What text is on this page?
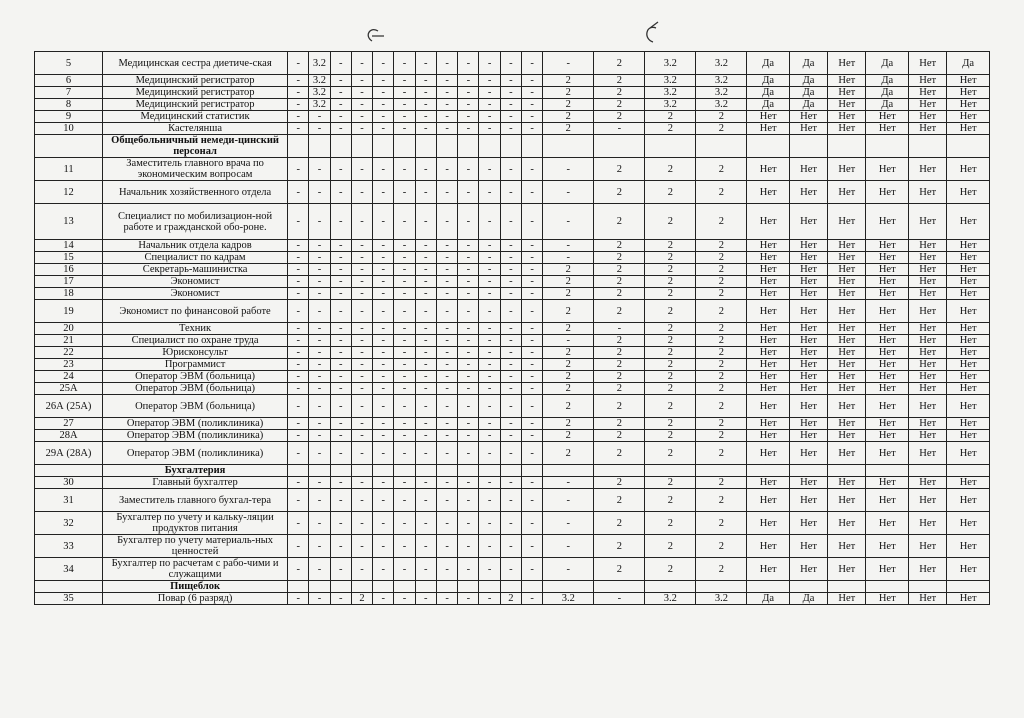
5	Медицинская сестра диетиче-ская	-	3.2	-	-	-	-	-	-	-	-	-	-	-	2	3.2	3.2	Да	Да	Нет	Да	Нет	Да
6	Медицинский регистратор	-	3.2	-	-	-	-	-	-	-	-	-	-	2	2	3.2	3.2	Да	Да	Нет	Да	Нет	Нет
7	Медицинский регистратор	-	3.2	-	-	-	-	-	-	-	-	-	-	2	2	3.2	3.2	Да	Да	Нет	Да	Нет	Нет
8	Медицинский регистратор	-	3.2	-	-	-	-	-	-	-	-	-	-	2	2	3.2	3.2	Да	Да	Нет	Да	Нет	Нет
9	Медицинский статистик	-	-	-	-	-	-	-	-	-	-	-	-	2	2	2	2	Нет	Нет	Нет	Нет	Нет	Нет
10	Кастелянша	-	-	-	-	-	-	-	-	-	-	-	-	2	-	2	2	Нет	Нет	Нет	Нет	Нет	Нет
	Общебольничный немеди-цинский персонал																						
11	Заместитель главного врача по экономическим вопросам	-	-	-	-	-	-	-	-	-	-	-	-	-	2	2	2	Нет	Нет	Нет	Нет	Нет	Нет
12	Начальник хозяйственного отдела	-	-	-	-	-	-	-	-	-	-	-	-	-	2	2	2	Нет	Нет	Нет	Нет	Нет	Нет
13	Специалист по мобилизацион-ной работе и гражданской обо-роне.	-	-	-	-	-	-	-	-	-	-	-	-	-	2	2	2	Нет	Нет	Нет	Нет	Нет	Нет
14	Начальник отдела кадров	-	-	-	-	-	-	-	-	-	-	-	-	-	2	2	2	Нет	Нет	Нет	Нет	Нет	Нет
15	Специалист по кадрам	-	-	-	-	-	-	-	-	-	-	-	-	-	2	2	2	Нет	Нет	Нет	Нет	Нет	Нет
16	Секретарь-машинистка	-	-	-	-	-	-	-	-	-	-	-	-	2	2	2	2	Нет	Нет	Нет	Нет	Нет	Нет
17	Экономист	-	-	-	-	-	-	-	-	-	-	-	-	2	2	2	2	Нет	Нет	Нет	Нет	Нет	Нет
18	Экономист	-	-	-	-	-	-	-	-	-	-	-	-	2	2	2	2	Нет	Нет	Нет	Нет	Нет	Нет
19	Экономист по финансовой работе	-	-	-	-	-	-	-	-	-	-	-	-	2	2	2	2	Нет	Нет	Нет	Нет	Нет	Нет
20	Техник	-	-	-	-	-	-	-	-	-	-	-	-	2	-	2	2	Нет	Нет	Нет	Нет	Нет	Нет
21	Специалист по охране труда	-	-	-	-	-	-	-	-	-	-	-	-	-	2	2	2	Нет	Нет	Нет	Нет	Нет	Нет
22	Юрисконсульт	-	-	-	-	-	-	-	-	-	-	-	-	2	2	2	2	Нет	Нет	Нет	Нет	Нет	Нет
23	Программист	-	-	-	-	-	-	-	-	-	-	-	-	2	2	2	2	Нет	Нет	Нет	Нет	Нет	Нет
24	Оператор ЭВМ (больница)	-	-	-	-	-	-	-	-	-	-	-	-	2	2	2	2	Нет	Нет	Нет	Нет	Нет	Нет
25А	Оператор ЭВМ (больница)	-	-	-	-	-	-	-	-	-	-	-	-	2	2	2	2	Нет	Нет	Нет	Нет	Нет	Нет
26А (25А)	Оператор ЭВМ (больница)	-	-	-	-	-	-	-	-	-	-	-	-	2	2	2	2	Нет	Нет	Нет	Нет	Нет	Нет
27	Оператор ЭВМ (поликлиника)	-	-	-	-	-	-	-	-	-	-	-	-	2	2	2	2	Нет	Нет	Нет	Нет	Нет	Нет
28А	Оператор ЭВМ (поликлиника)	-	-	-	-	-	-	-	-	-	-	-	-	2	2	2	2	Нет	Нет	Нет	Нет	Нет	Нет
29А (28А)	Оператор ЭВМ (поликлиника)	-	-	-	-	-	-	-	-	-	-	-	-	2	2	2	2	Нет	Нет	Нет	Нет	Нет	Нет
	Бухгалтерия																						
30	Главный бухгалтер	-	-	-	-	-	-	-	-	-	-	-	-	-	2	2	2	Нет	Нет	Нет	Нет	Нет	Нет
31	Заместитель главного бухгал-тера	-	-	-	-	-	-	-	-	-	-	-	-	-	2	2	2	Нет	Нет	Нет	Нет	Нет	Нет
32	Бухгалтер по учету и кальку-ляции продуктов питания	-	-	-	-	-	-	-	-	-	-	-	-	-	2	2	2	Нет	Нет	Нет	Нет	Нет	Нет
33	Бухгалтер по учету материаль-ных ценностей	-	-	-	-	-	-	-	-	-	-	-	-	-	2	2	2	Нет	Нет	Нет	Нет	Нет	Нет
34	Бухгалтер по расчетам с рабо-чими и служащими	-	-	-	-	-	-	-	-	-	-	-	-	-	2	2	2	Нет	Нет	Нет	Нет	Нет	Нет
	Пищеблок																						
35	Повар (6 разряд)	-	-	-	2	-	-	-	-	-	-	2	-	3.2	-	3.2	3.2	Да	Да	Нет	Нет	Нет	Нет
